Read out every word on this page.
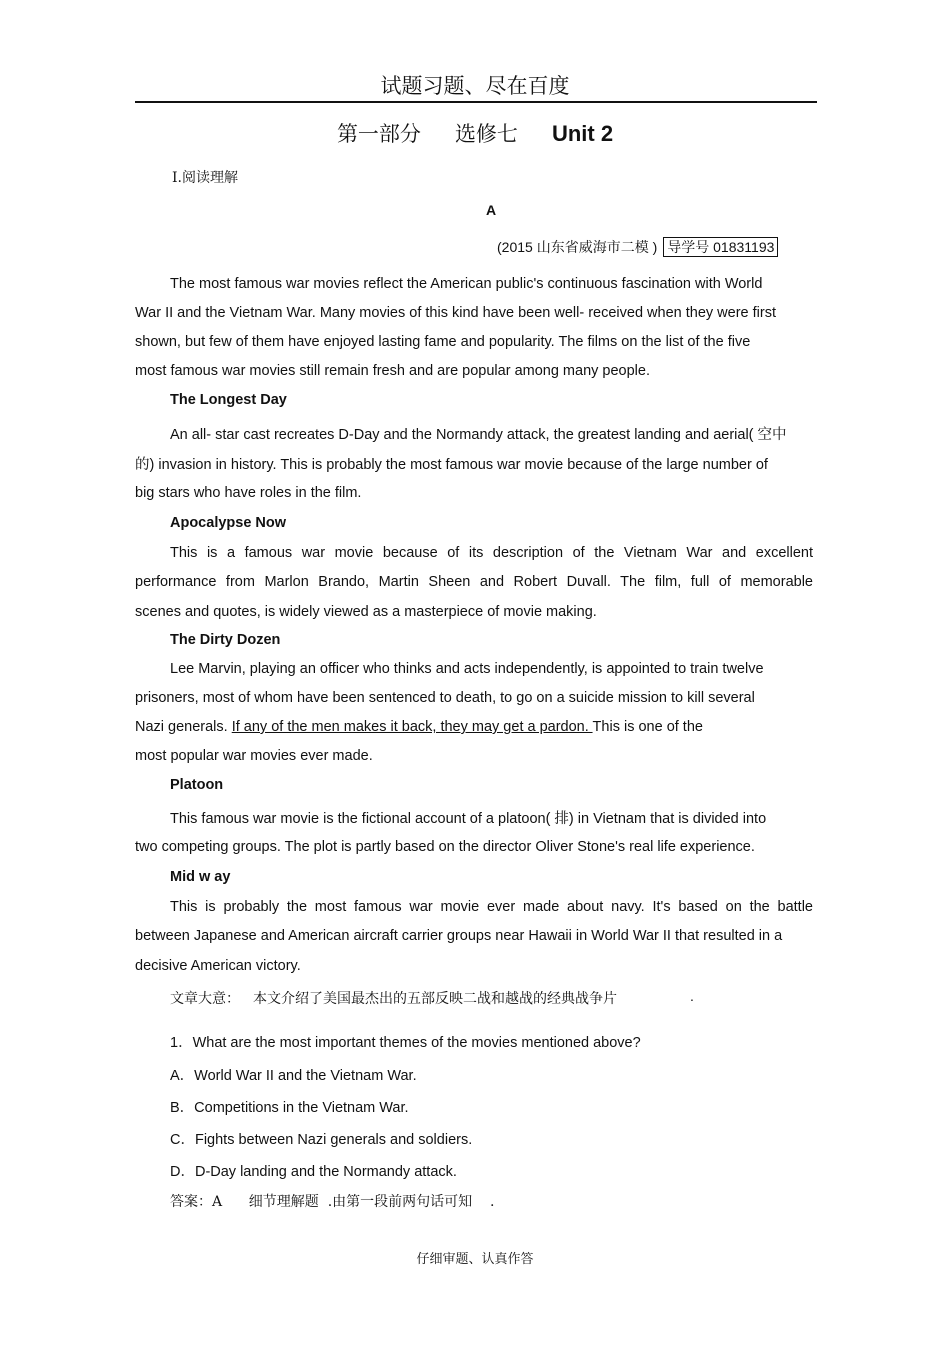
试题习题、尽在百度
第一部分 选修七 Unit 2
Ⅰ.阅读理解
A
(2015 山东省威海市二模 ) 导学号 01831193
The most famous war movies reflect the American public's continuous fascination with World
War II and the Vietnam War. Many movies of this kind have been well- received when they were first
shown, but few of them have enjoyed lasting fame and popularity. The films on the list of the five
most famous war movies still remain fresh and are popular among many people.
The Longest Day
An all- star cast recreates D-Day and the Normandy attack, the greatest landing and aerial( 空中
的) invasion in history. This is probably the most famous war movie because of the large number of
big stars who have roles in the film.
Apocalypse Now
This is a famous war movie because of its description of the Vietnam War and excellent
performance from Marlon Brando, Martin Sheen and Robert Duvall. The film, full of memorable
scenes and quotes, is widely viewed as a masterpiece of movie making.
The Dirty Dozen
Lee Marvin, playing an officer who thinks and acts independently, is appointed to train twelve
prisoners, most of whom have been sentenced to death, to go on a suicide mission to kill several
Nazi generals. If any of the men makes it back, they may get a pardon. This is one of the
most popular war movies ever made.
Platoon
This famous war movie is the fictional account of a platoon( 排) in Vietnam that is divided into
two competing groups. The plot is partly based on the director Oliver Stone's real life experience.
Mid w ay
This is probably the most famous war movie ever made about navy. It's based on the battle
between Japanese and American aircraft carrier groups near Hawaii in World War II that resulted in a
decisive American victory.
文章大意： 本文介绍了美国最杰出的五部反映二战和越战的经典战争片	.
1．What are the most important themes of the movies mentioned above?
A．World War II and the Vietnam War.
B．Competitions in the Vietnam War.
C．Fights between Nazi generals and soldiers.
D．D-Day landing and the Normandy attack.
答案：A      细节理解题  .由第一段前两句话可知    .
仔细审题、认真作答
